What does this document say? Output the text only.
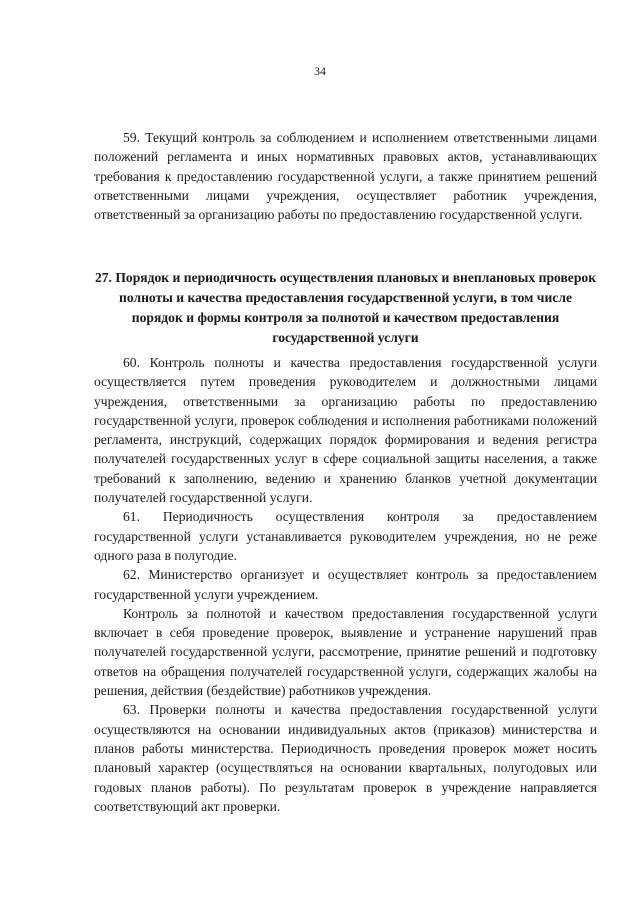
34

59. Текущий контроль за соблюдением и исполнением ответственными лицами положений регламента и иных нормативных правовых актов, устанавливающих требования к предоставлению государственной услуги, а также принятием решений ответственными лицами учреждения, осуществляет работник учреждения, ответственный за организацию работы по предоставлению государственной услуги.

27. Порядок и периодичность осуществления плановых и внеплановых проверок полноты и качества предоставления государственной услуги, в том числе порядок и формы контроля за полнотой и качеством предоставления государственной услуги

60. Контроль полноты и качества предоставления государственной услуги осуществляется путем проведения руководителем и должностными лицами учреждения, ответственными за организацию работы по предоставлению государственной услуги, проверок соблюдения и исполнения работниками положений регламента, инструкций, содержащих порядок формирования и ведения регистра получателей государственных услуг в сфере социальной защиты населения, а также требований к заполнению, ведению и хранению бланков учетной документации получателей государственной услуги.

61. Периодичность осуществления контроля за предоставлением государственной услуги устанавливается руководителем учреждения, но не реже одного раза в полугодие.

62. Министерство организует и осуществляет контроль за предоставлением государственной услуги учреждением.

Контроль за полнотой и качеством предоставления государственной услуги включает в себя проведение проверок, выявление и устранение нарушений прав получателей государственной услуги, рассмотрение, принятие решений и подготовку ответов на обращения получателей государственной услуги, содержащих жалобы на решения, действия (бездействие) работников учреждения.

63. Проверки полноты и качества предоставления государственной услуги осуществляются на основании индивидуальных актов (приказов) министерства и планов работы министерства. Периодичность проведения проверок может носить плановый характер (осуществляться на основании квартальных, полугодовых или годовых планов работы). По результатам проверок в учреждение направляется соответствующий акт проверки.
